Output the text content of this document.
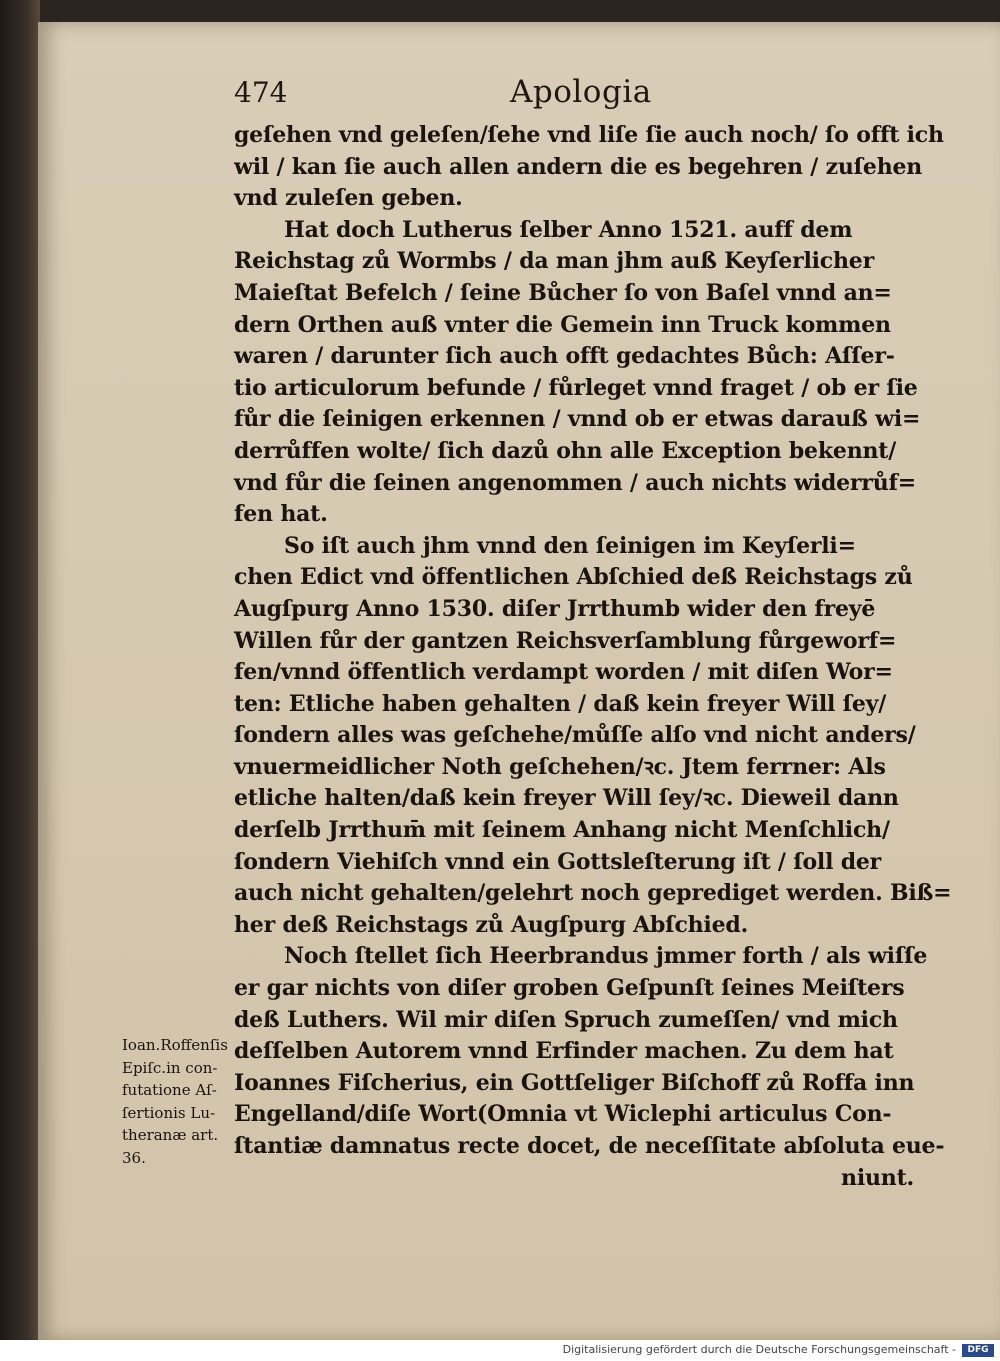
474	Apologia
geſehen vnd geleſen/ſehe vnd liſe ſie auch noch/ ſo offt ich
wil / kan ſie auch allen andern die es begehren / zuſehen
vnd zuleſen geben.
Hat doch Lutherus ſelber Anno 1521. auff dem
Reichstag zů Wormbs / da man jhm auß Keyſerlicher
Maieſtat Befelch / ſeine Bůcher ſo von Baſel vnnd an=
dern Orthen auß vnter die Gemein inn Truck kommen
waren / darunter ſich auch offt gedachtes Bůch: Aſſer-
tio articulorum befunde / fůrleget vnnd fraget / ob er ſie
fůr die ſeinigen erkennen / vnnd ob er etwas darauß wi=
derrůffen wolte/ ſich dazů ohn alle Exception bekennt/
vnd fůr die ſeinen angenommen / auch nichts widerrůf=
fen hat.
So iſt auch jhm vnnd den ſeinigen im Keyſerli=
chen Edict vnd öffentlichen Abſchied deß Reichstags zů
Augſpurg Anno 1530. diſer Jrrthumb wider den freyē
Willen fůr der gantzen Reichsverſamblung fůrgeworf=
fen/vnnd öffentlich verdampt worden / mit diſen Wor=
ten: Etliche haben gehalten / daß kein freyer Will ſey/
ſondern alles was geſchehe/můſſe alſo vnd nicht anders/
vnuermeidlicher Noth geſchehen/ꝛc. Jtem ferrner: Als
etliche halten/daß kein freyer Will ſey/ꝛc. Dieweil dann
derſelb Jrrthum̄ mit ſeinem Anhang nicht Menſchlich/
ſondern Viehiſch vnnd ein Gottsleſterung iſt / ſoll der
auch nicht gehalten/gelehrt noch geprediget werden. Biß=
her deß Reichstags zů Augſpurg Abſchied.
Noch ſtellet ſich Heerbrandus jmmer forth / als wiſſe
er gar nichts von diſer groben Geſpunſt ſeines Meiſters
deß Luthers. Wil mir diſen Spruch zumeſſen/ vnd mich
deſſelben Autorem vnnd Erfinder machen. Zu dem hat
Ioannes Fiſcherius, ein Gottſeliger Biſchoff zů Roffa inn
Engelland/diſe Wort(Omnia vt Wiclephi articulus Con-
ſtantiæ damnatus recte docet, de neceſſitate abſoluta eue-
niunt.
Ioan.Roffenſis
Epiſc.in con-
futatione Aſ-
ſertionis Lu-
theranæ art.
36.
Digitalisierung gefördert durch die Deutsche Forschungsgemeinschaft -	DFG
